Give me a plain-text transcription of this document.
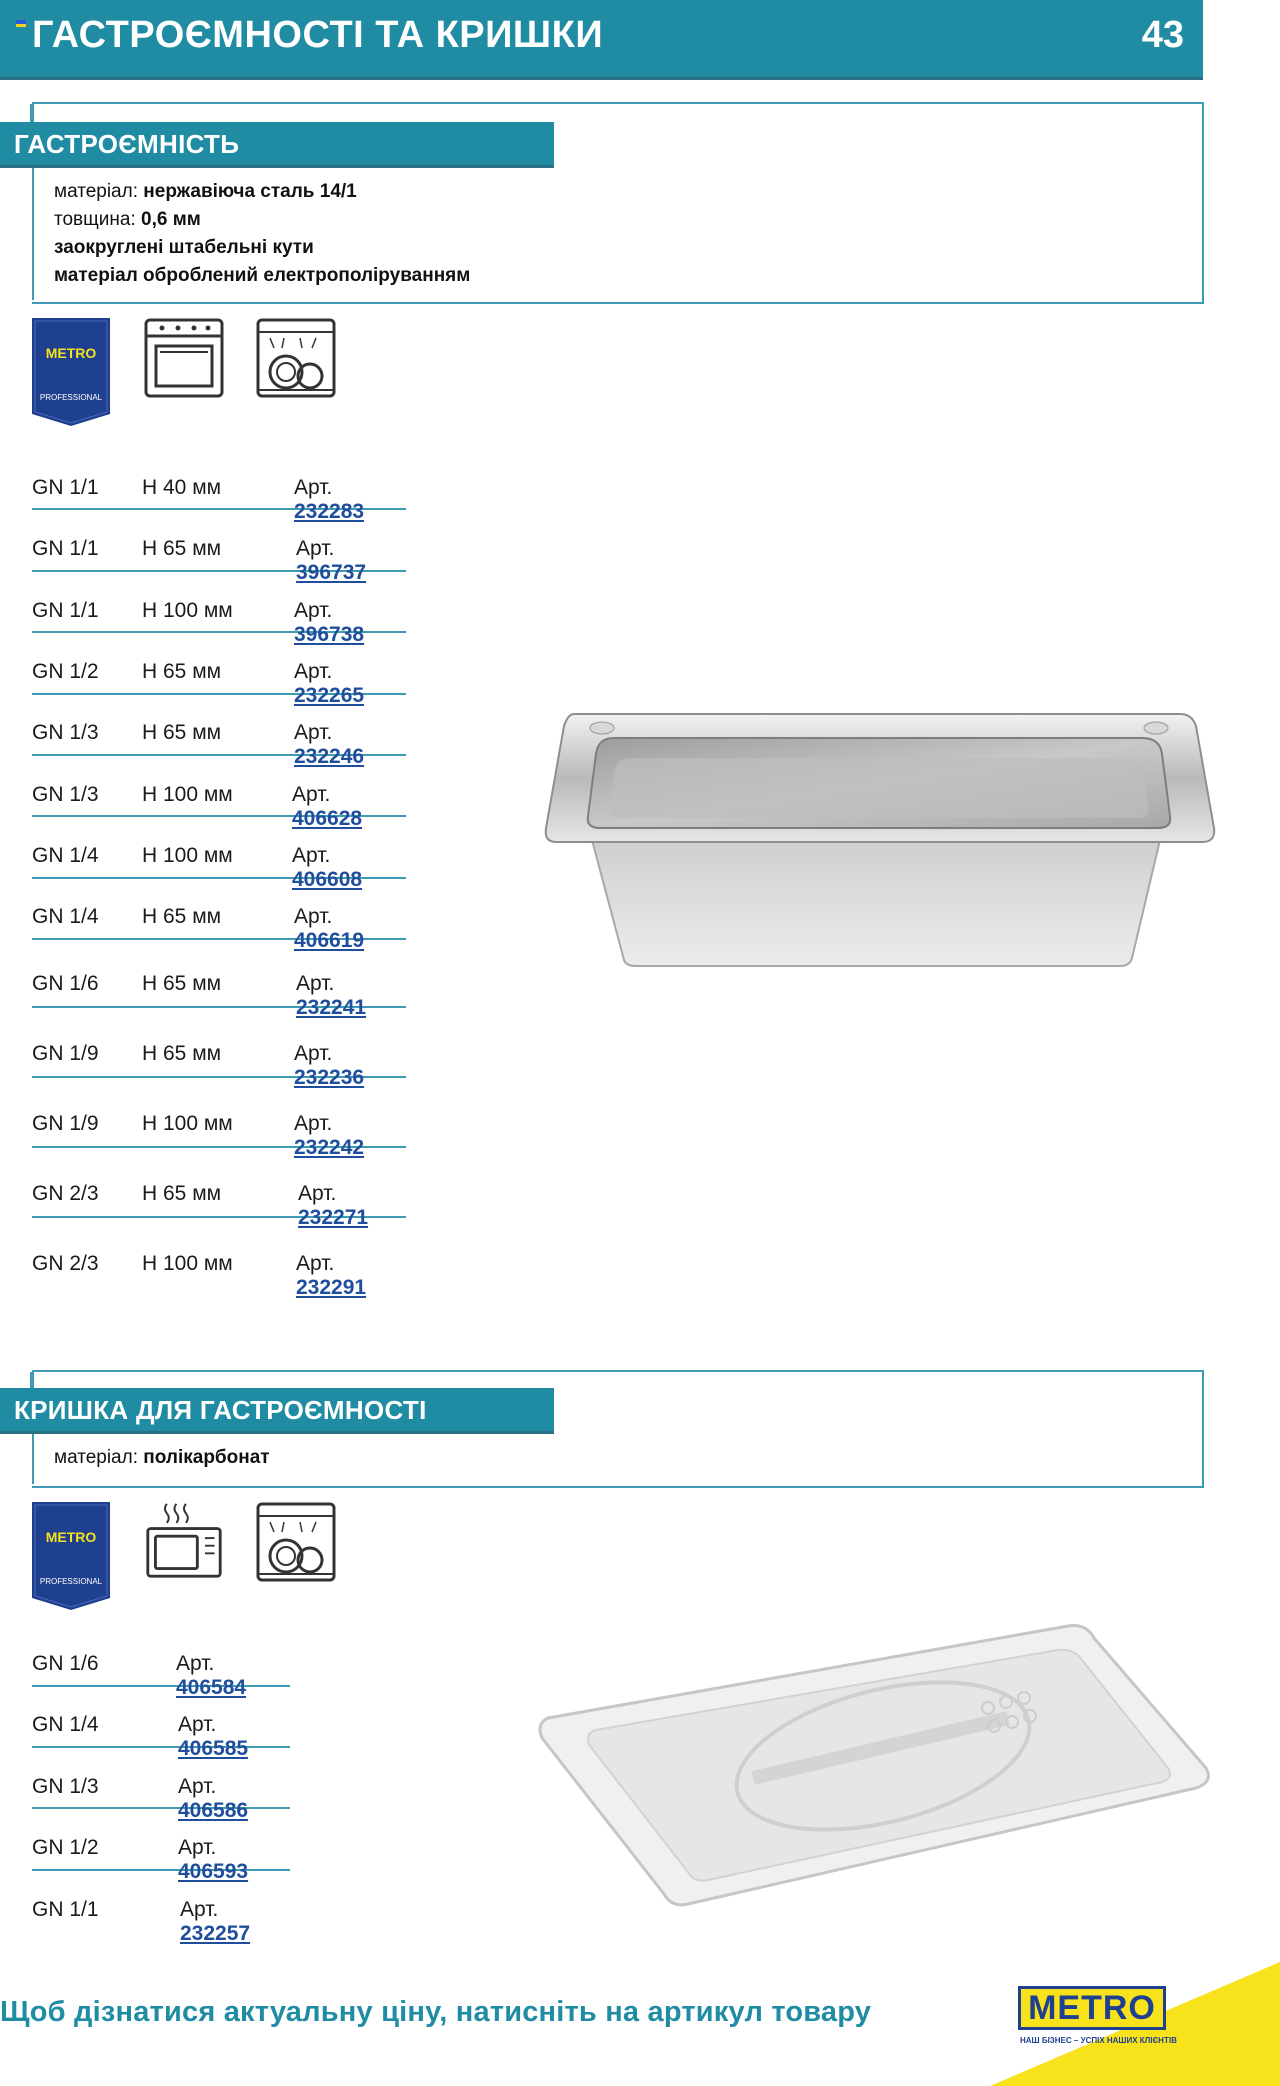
ГАСТРОЄМНОСТІ ТА КРИШКИ	43
ГАСТРОЄМНІСТЬ
матеріал: нержавіюча сталь 14/1
товщина: 0,6 мм
заокруглені штабельні кути
матеріал оброблений електрополіруванням
METRO
PROFESSIONAL
GN 1/1 H 40 мм	Арт. 232283
GN 1/1 H 65 мм	Арт. 396737
GN 1/1 H 100 мм	Арт. 396738
GN 1/2 H 65 мм	Арт. 232265
GN 1/3 H 65 мм	Арт. 232246
GN 1/3 H 100 мм	Арт. 406628
GN 1/4 H 100 мм	Арт. 406608
GN 1/4 H 65 мм	Арт. 406619
GN 1/6 H 65 мм	Арт. 232241
GN 1/9 H 65 мм	Арт. 232236
GN 1/9 H 100 мм	Арт. 232242
GN 2/3 H 65 мм	Арт. 232271
GN 2/3 H 100 мм	Арт. 232291
КРИШКА ДЛЯ ГАСТРОЄМНОСТІ
матеріал: полікарбонат
METRO
PROFESSIONAL
GN 1/6	Арт. 406584
GN 1/4	Арт. 406585
GN 1/3	Арт. 406586
GN 1/2	Арт. 406593
GN 1/1	Арт. 232257
Щоб дізнатися актуальну ціну, натисніть на артикул товару	METRO
НАШ БІЗНЕС – УСПІХ НАШИХ КЛІЄНТІВ
